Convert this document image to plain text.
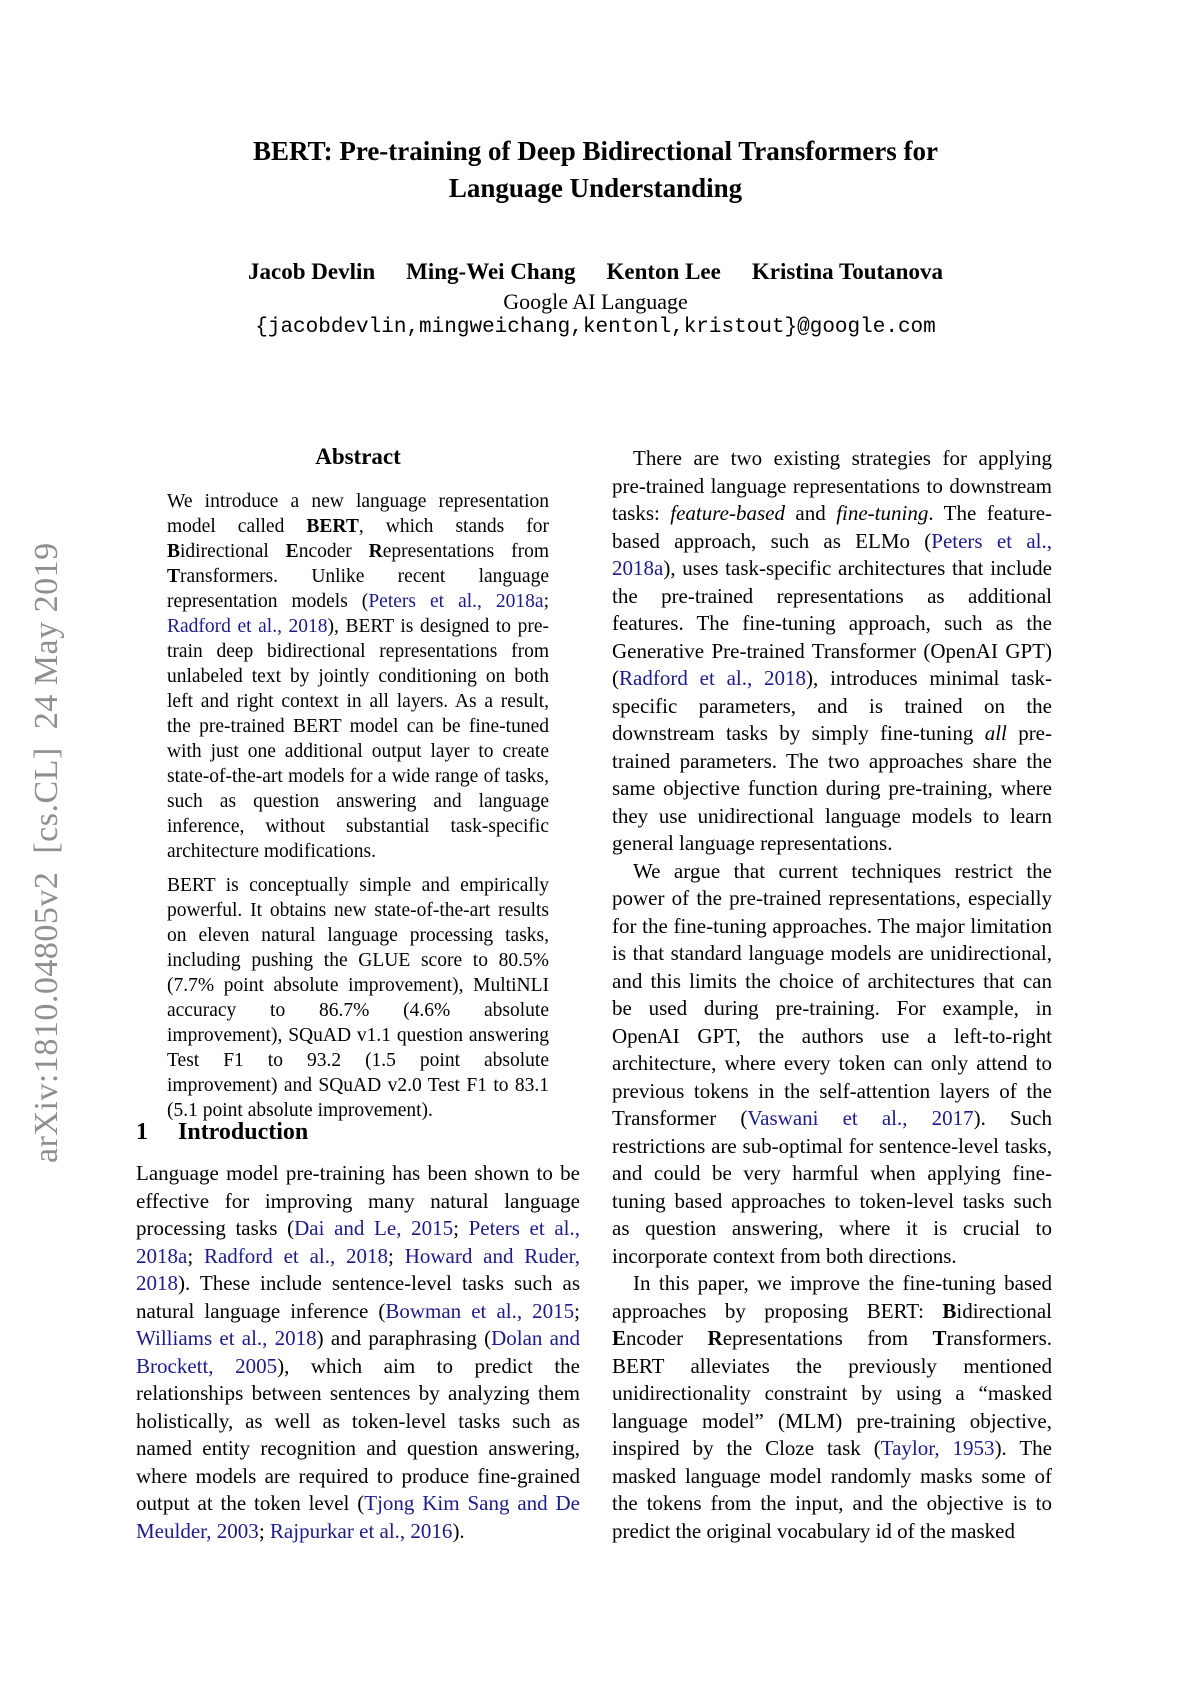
arXiv:1810.04805v2  [cs.CL]  24 May 2019
BERT: Pre-training of Deep Bidirectional Transformers for
Language Understanding
Jacob Devlin Ming-Wei Chang Kenton Lee Kristina Toutanova
Google AI Language
{jacobdevlin,mingweichang,kentonl,kristout}@google.com
Abstract

We introduce a new language representation model called BERT, which stands for Bidirectional Encoder Representations from Transformers. Unlike recent language representation models (Peters et al., 2018a; Radford et al., 2018), BERT is designed to pre-train deep bidirectional representations from unlabeled text by jointly conditioning on both left and right context in all layers. As a result, the pre-trained BERT model can be fine-tuned with just one additional output layer to create state-of-the-art models for a wide range of tasks, such as question answering and language inference, without substantial task-specific architecture modifications.

BERT is conceptually simple and empirically powerful. It obtains new state-of-the-art results on eleven natural language processing tasks, including pushing the GLUE score to 80.5% (7.7% point absolute improvement), MultiNLI accuracy to 86.7% (4.6% absolute improvement), SQuAD v1.1 question answering Test F1 to 93.2 (1.5 point absolute improvement) and SQuAD v2.0 Test F1 to 83.1 (5.1 point absolute improvement).

1 Introduction

Language model pre-training has been shown to be effective for improving many natural language processing tasks (Dai and Le, 2015; Peters et al., 2018a; Radford et al., 2018; Howard and Ruder, 2018). These include sentence-level tasks such as natural language inference (Bowman et al., 2015; Williams et al., 2018) and paraphrasing (Dolan and Brockett, 2005), which aim to predict the relationships between sentences by analyzing them holistically, as well as token-level tasks such as named entity recognition and question answering, where models are required to produce fine-grained output at the token level (Tjong Kim Sang and De Meulder, 2003; Rajpurkar et al., 2016).

There are two existing strategies for applying pre-trained language representations to downstream tasks: feature-based and fine-tuning. The feature-based approach, such as ELMo (Peters et al., 2018a), uses task-specific architectures that include the pre-trained representations as additional features. The fine-tuning approach, such as the Generative Pre-trained Transformer (OpenAI GPT) (Radford et al., 2018), introduces minimal task-specific parameters, and is trained on the downstream tasks by simply fine-tuning all pre-trained parameters. The two approaches share the same objective function during pre-training, where they use unidirectional language models to learn general language representations.

We argue that current techniques restrict the power of the pre-trained representations, especially for the fine-tuning approaches. The major limitation is that standard language models are unidirectional, and this limits the choice of architectures that can be used during pre-training. For example, in OpenAI GPT, the authors use a left-to-right architecture, where every token can only attend to previous tokens in the self-attention layers of the Transformer (Vaswani et al., 2017). Such restrictions are sub-optimal for sentence-level tasks, and could be very harmful when applying fine-tuning based approaches to token-level tasks such as question answering, where it is crucial to incorporate context from both directions.

In this paper, we improve the fine-tuning based approaches by proposing BERT: Bidirectional Encoder Representations from Transformers. BERT alleviates the previously mentioned unidirectionality constraint by using a “masked language model” (MLM) pre-training objective, inspired by the Cloze task (Taylor, 1953). The masked language model randomly masks some of the tokens from the input, and the objective is to predict the original vocabulary id of the masked
